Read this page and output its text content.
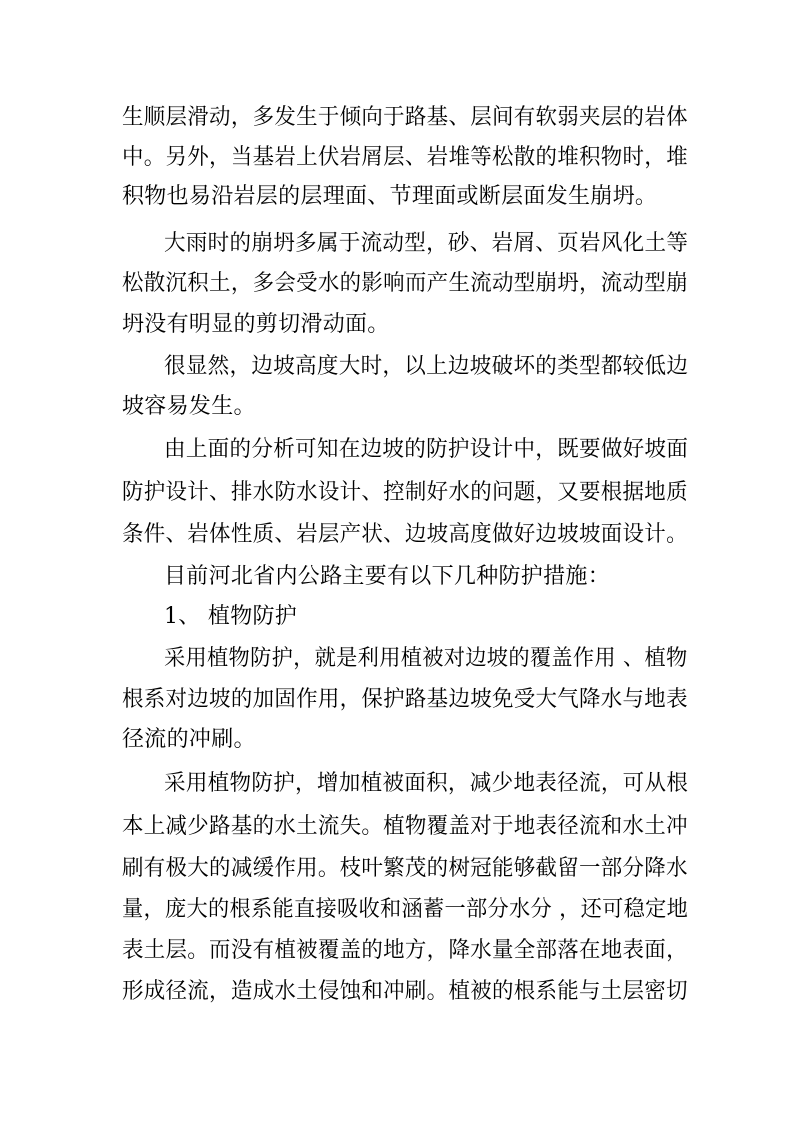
生顺层滑动，多发生于倾向于路基、层间有软弱夹层的岩体
中。另外，当基岩上伏岩屑层、岩堆等松散的堆积物时，堆
积物也易沿岩层的层理面、节理面或断层面发生崩坍。
大雨时的崩坍多属于流动型，砂、岩屑、页岩风化土等
松散沉积土，多会受水的影响而产生流动型崩坍，流动型崩
坍没有明显的剪切滑动面。
很显然，边坡高度大时，以上边坡破坏的类型都较低边
坡容易发生。
由上面的分析可知在边坡的防护设计中，既要做好坡面
防护设计、排水防水设计、控制好水的问题，又要根据地质
条件、岩体性质、岩层产状、边坡高度做好边坡坡面设计。
目前河北省内公路主要有以下几种防护措施：
1、 植物防护
采用植物防护，就是利用植被对边坡的覆盖作用 、植物
根系对边坡的加固作用，保护路基边坡免受大气降水与地表
径流的冲刷。
采用植物防护，增加植被面积，减少地表径流，可从根
本上减少路基的水土流失。植物覆盖对于地表径流和水土冲
刷有极大的减缓作用。枝叶繁茂的树冠能够截留一部分降水
量，庞大的根系能直接吸收和涵蓄一部分水分 ，还可稳定地
表土层。而没有植被覆盖的地方，降水量全部落在地表面，
形成径流，造成水土侵蚀和冲刷。植被的根系能与土层密切
